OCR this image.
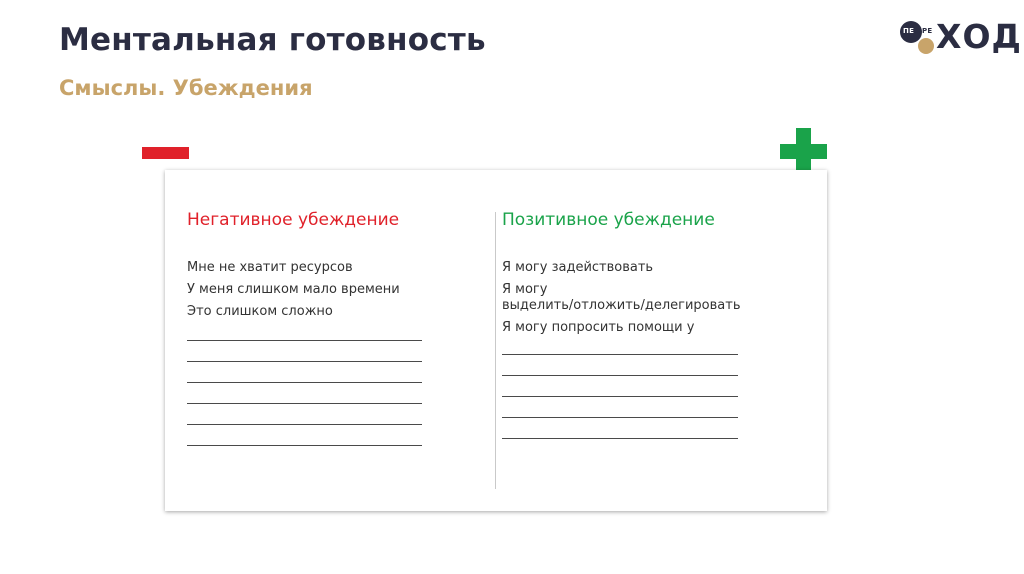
Ментальная готовность
Смыслы. Убеждения
ПЕ РЕ ХОД
Негативное убеждение
Мне не хватит ресурсов
У меня слишком мало времени
Это слишком сложно
Позитивное убеждение
Я могу задействовать
Я могу
выделить/отложить/делегировать
Я могу попросить помощи у
